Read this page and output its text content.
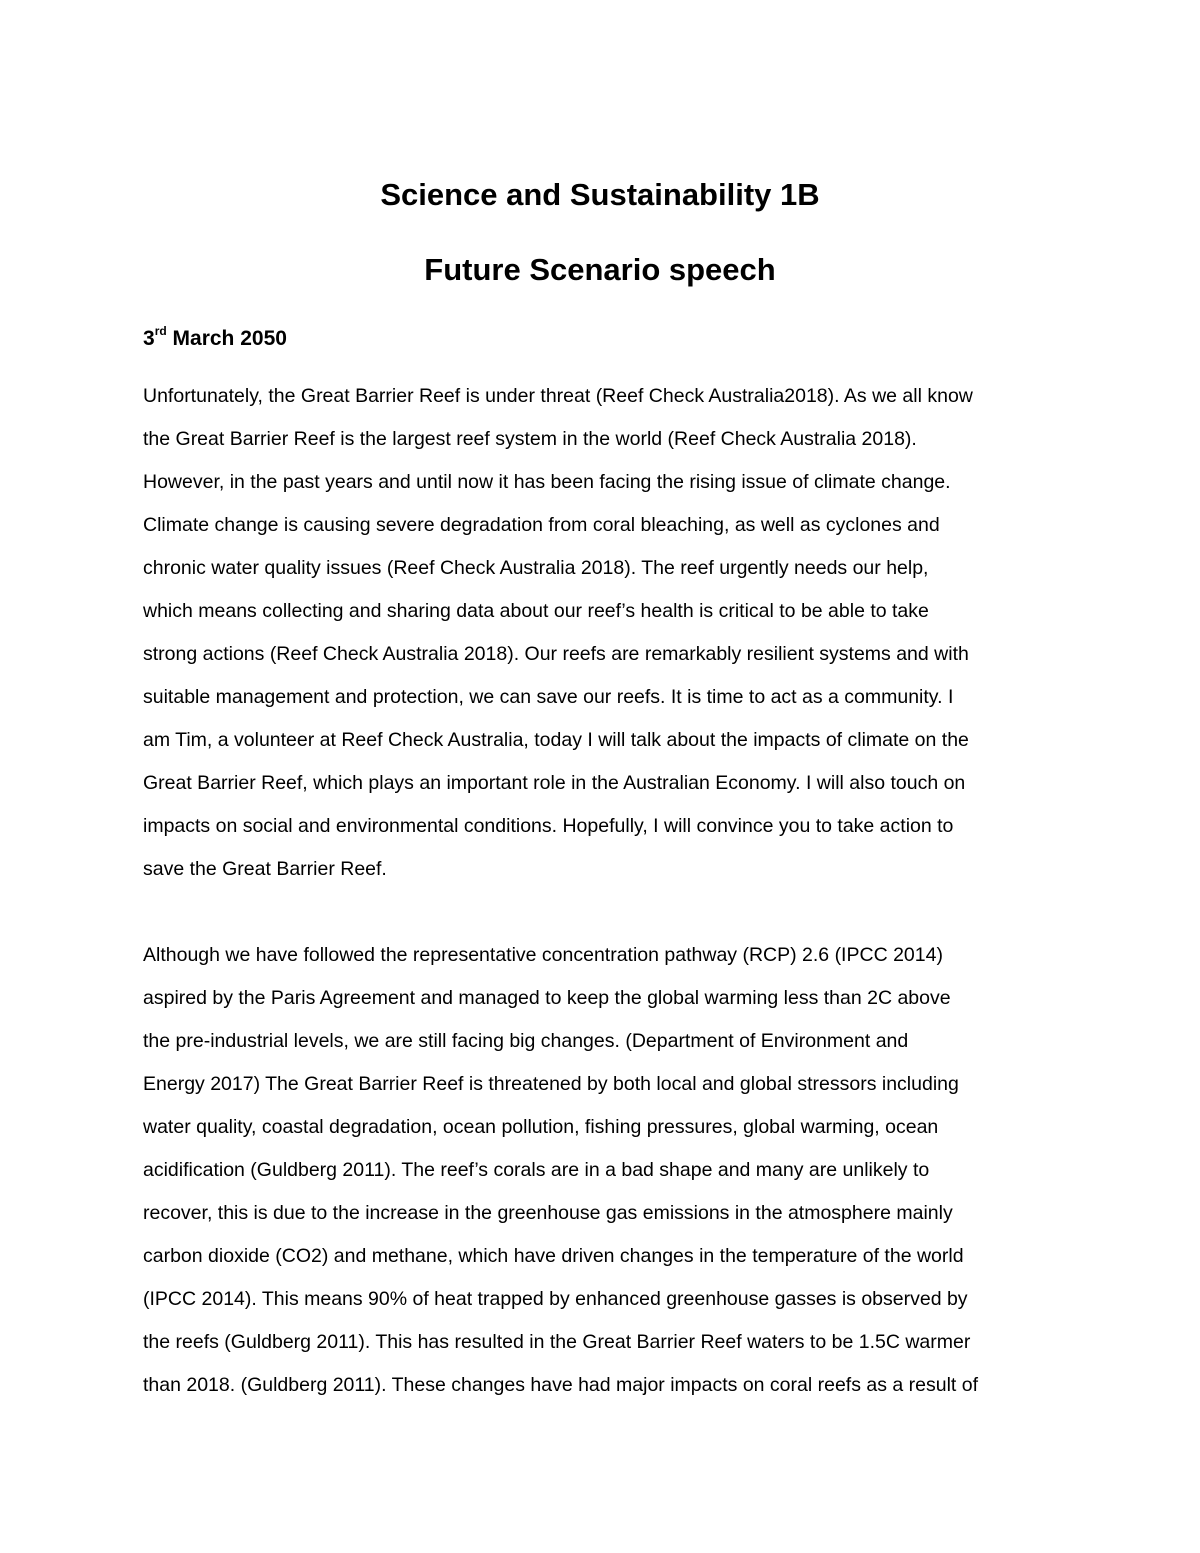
Science and Sustainability 1B
Future Scenario speech

3rd March 2050

Unfortunately, the Great Barrier Reef is under threat (Reef Check Australia2018). As we all know
the Great Barrier Reef is the largest reef system in the world (Reef Check Australia 2018).
However, in the past years and until now it has been facing the rising issue of climate change.
Climate change is causing severe degradation from coral bleaching, as well as cyclones and
chronic water quality issues (Reef Check Australia 2018). The reef urgently needs our help,
which means collecting and sharing data about our reef’s health is critical to be able to take
strong actions (Reef Check Australia 2018). Our reefs are remarkably resilient systems and with
suitable management and protection, we can save our reefs. It is time to act as a community. I
am Tim, a volunteer at Reef Check Australia, today I will talk about the impacts of climate on the
Great Barrier Reef, which plays an important role in the Australian Economy. I will also touch on
impacts on social and environmental conditions. Hopefully, I will convince you to take action to
save the Great Barrier Reef.
Although we have followed the representative concentration pathway (RCP) 2.6 (IPCC 2014)
aspired by the Paris Agreement and managed to keep the global warming less than 2C above
the pre-industrial levels, we are still facing big changes. (Department of Environment and
Energy 2017) The Great Barrier Reef is threatened by both local and global stressors including
water quality, coastal degradation, ocean pollution, fishing pressures, global warming, ocean
acidification (Guldberg 2011). The reef’s corals are in a bad shape and many are unlikely to
recover, this is due to the increase in the greenhouse gas emissions in the atmosphere mainly
carbon dioxide (CO2) and methane, which have driven changes in the temperature of the world
(IPCC 2014). This means 90% of heat trapped by enhanced greenhouse gasses is observed by
the reefs (Guldberg 2011). This has resulted in the Great Barrier Reef waters to be 1.5C warmer
than 2018. (Guldberg 2011). These changes have had major impacts on coral reefs as a result of
